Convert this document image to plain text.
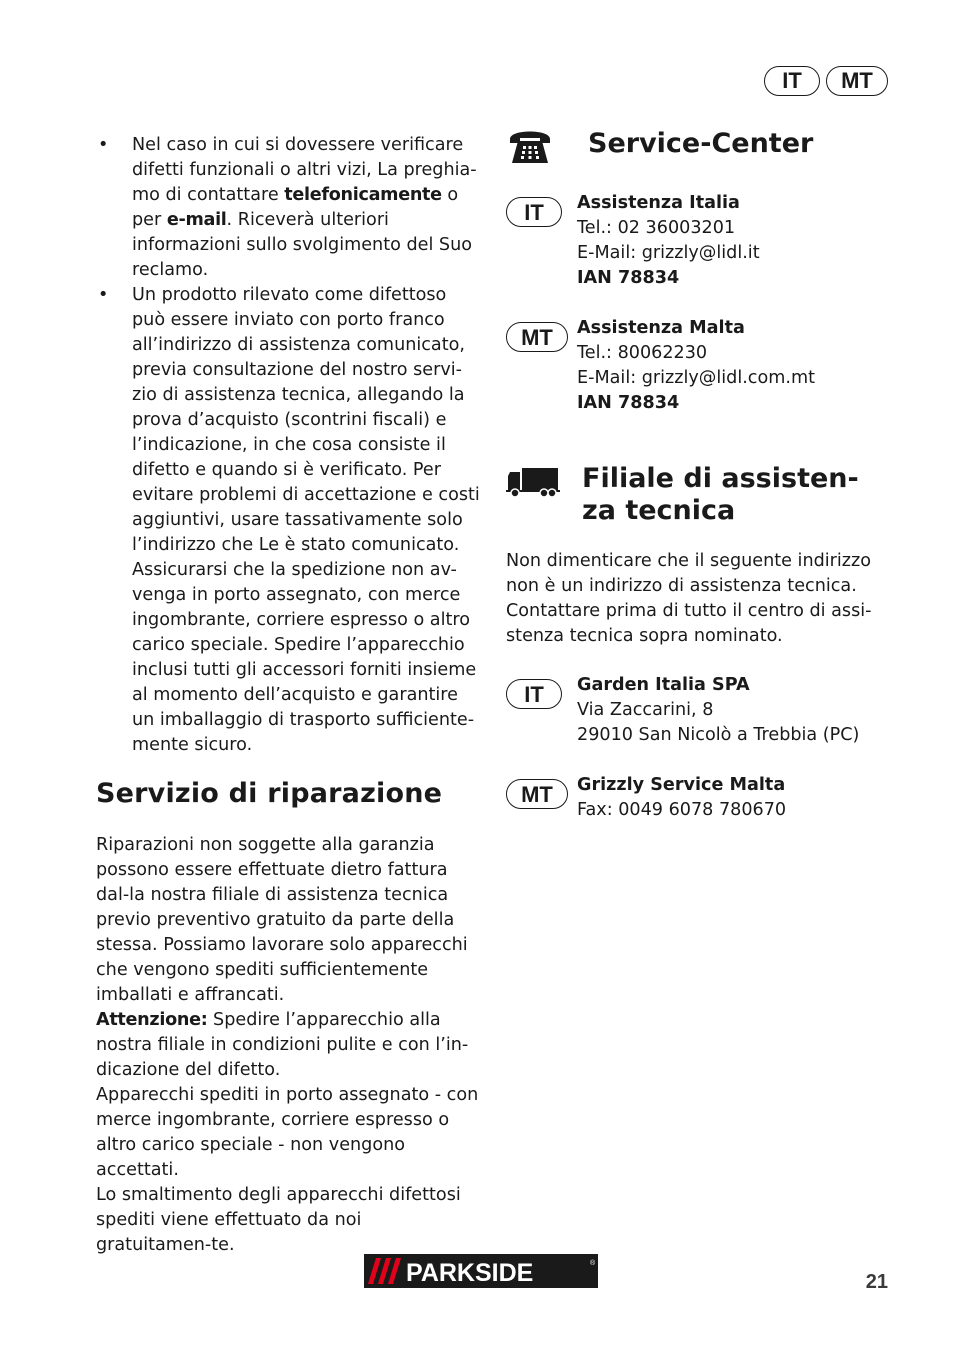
IT	MT
• Nel caso in cui si dovessere verificare difetti funzionali o altri vizi, La preghia-mo di contattare telefonicamente o per e-mail. Riceverà ulteriori informazioni sullo svolgimento del Suo reclamo.
• Un prodotto rilevato come difettoso può essere inviato con porto franco all’indirizzo di assistenza comunicato, previa consultazione del nostro servi-zio di assistenza tecnica, allegando la prova d’acquisto (scontrini fiscali) e l’indicazione, in che cosa consiste il difetto e quando si è verificato. Per evitare problemi di accettazione e costi aggiuntivi, usare tassativamente solo l’indirizzo che Le è stato comunicato. Assicurarsi che la spedizione non av-venga in porto assegnato, con merce ingombrante, corriere espresso o altro carico speciale. Spedire l’apparecchio inclusi tutti gli accessori forniti insieme al momento dell’acquisto e garantire un imballaggio di trasporto sufficiente-mente sicuro.
Servizio di riparazione

Riparazioni non soggette alla garanzia possono essere effettuate dietro fattura dal-la nostra filiale di assistenza tecnica previo preventivo gratuito da parte della stessa. Possiamo lavorare solo apparecchi che vengono spediti sufficientemente imballati e affrancati.

Attenzione: Spedire l’apparecchio alla nostra filiale in condizioni pulite e con l’in-dicazione del difetto.

Apparecchi spediti in porto assegnato - con merce ingombrante, corriere espresso o altro carico speciale - non vengono accettati.

Lo smaltimento degli apparecchi difettosi spediti viene effettuato da noi gratuitamen-te.

Service-Center
IT	Assistenza Italia
Tel.: 02 36003201
E-Mail: grizzly@lidl.it
IAN 78834
MT	Assistenza Malta
Tel.: 80062230
E-Mail: grizzly@lidl.com.mt
IAN 78834
Filiale di assisten-
za tecnica

Non dimenticare che il seguente indirizzo non è un indirizzo di assistenza tecnica. Contattare prima di tutto il centro di assi-stenza tecnica sopra nominato.

IT	Garden Italia SPA
Via Zaccarini, 8
29010 San Nicolò a Trebbia (PC)
MT	Grizzly Service Malta
Fax: 0049 6078 780670
PARKSIDE	®
21
